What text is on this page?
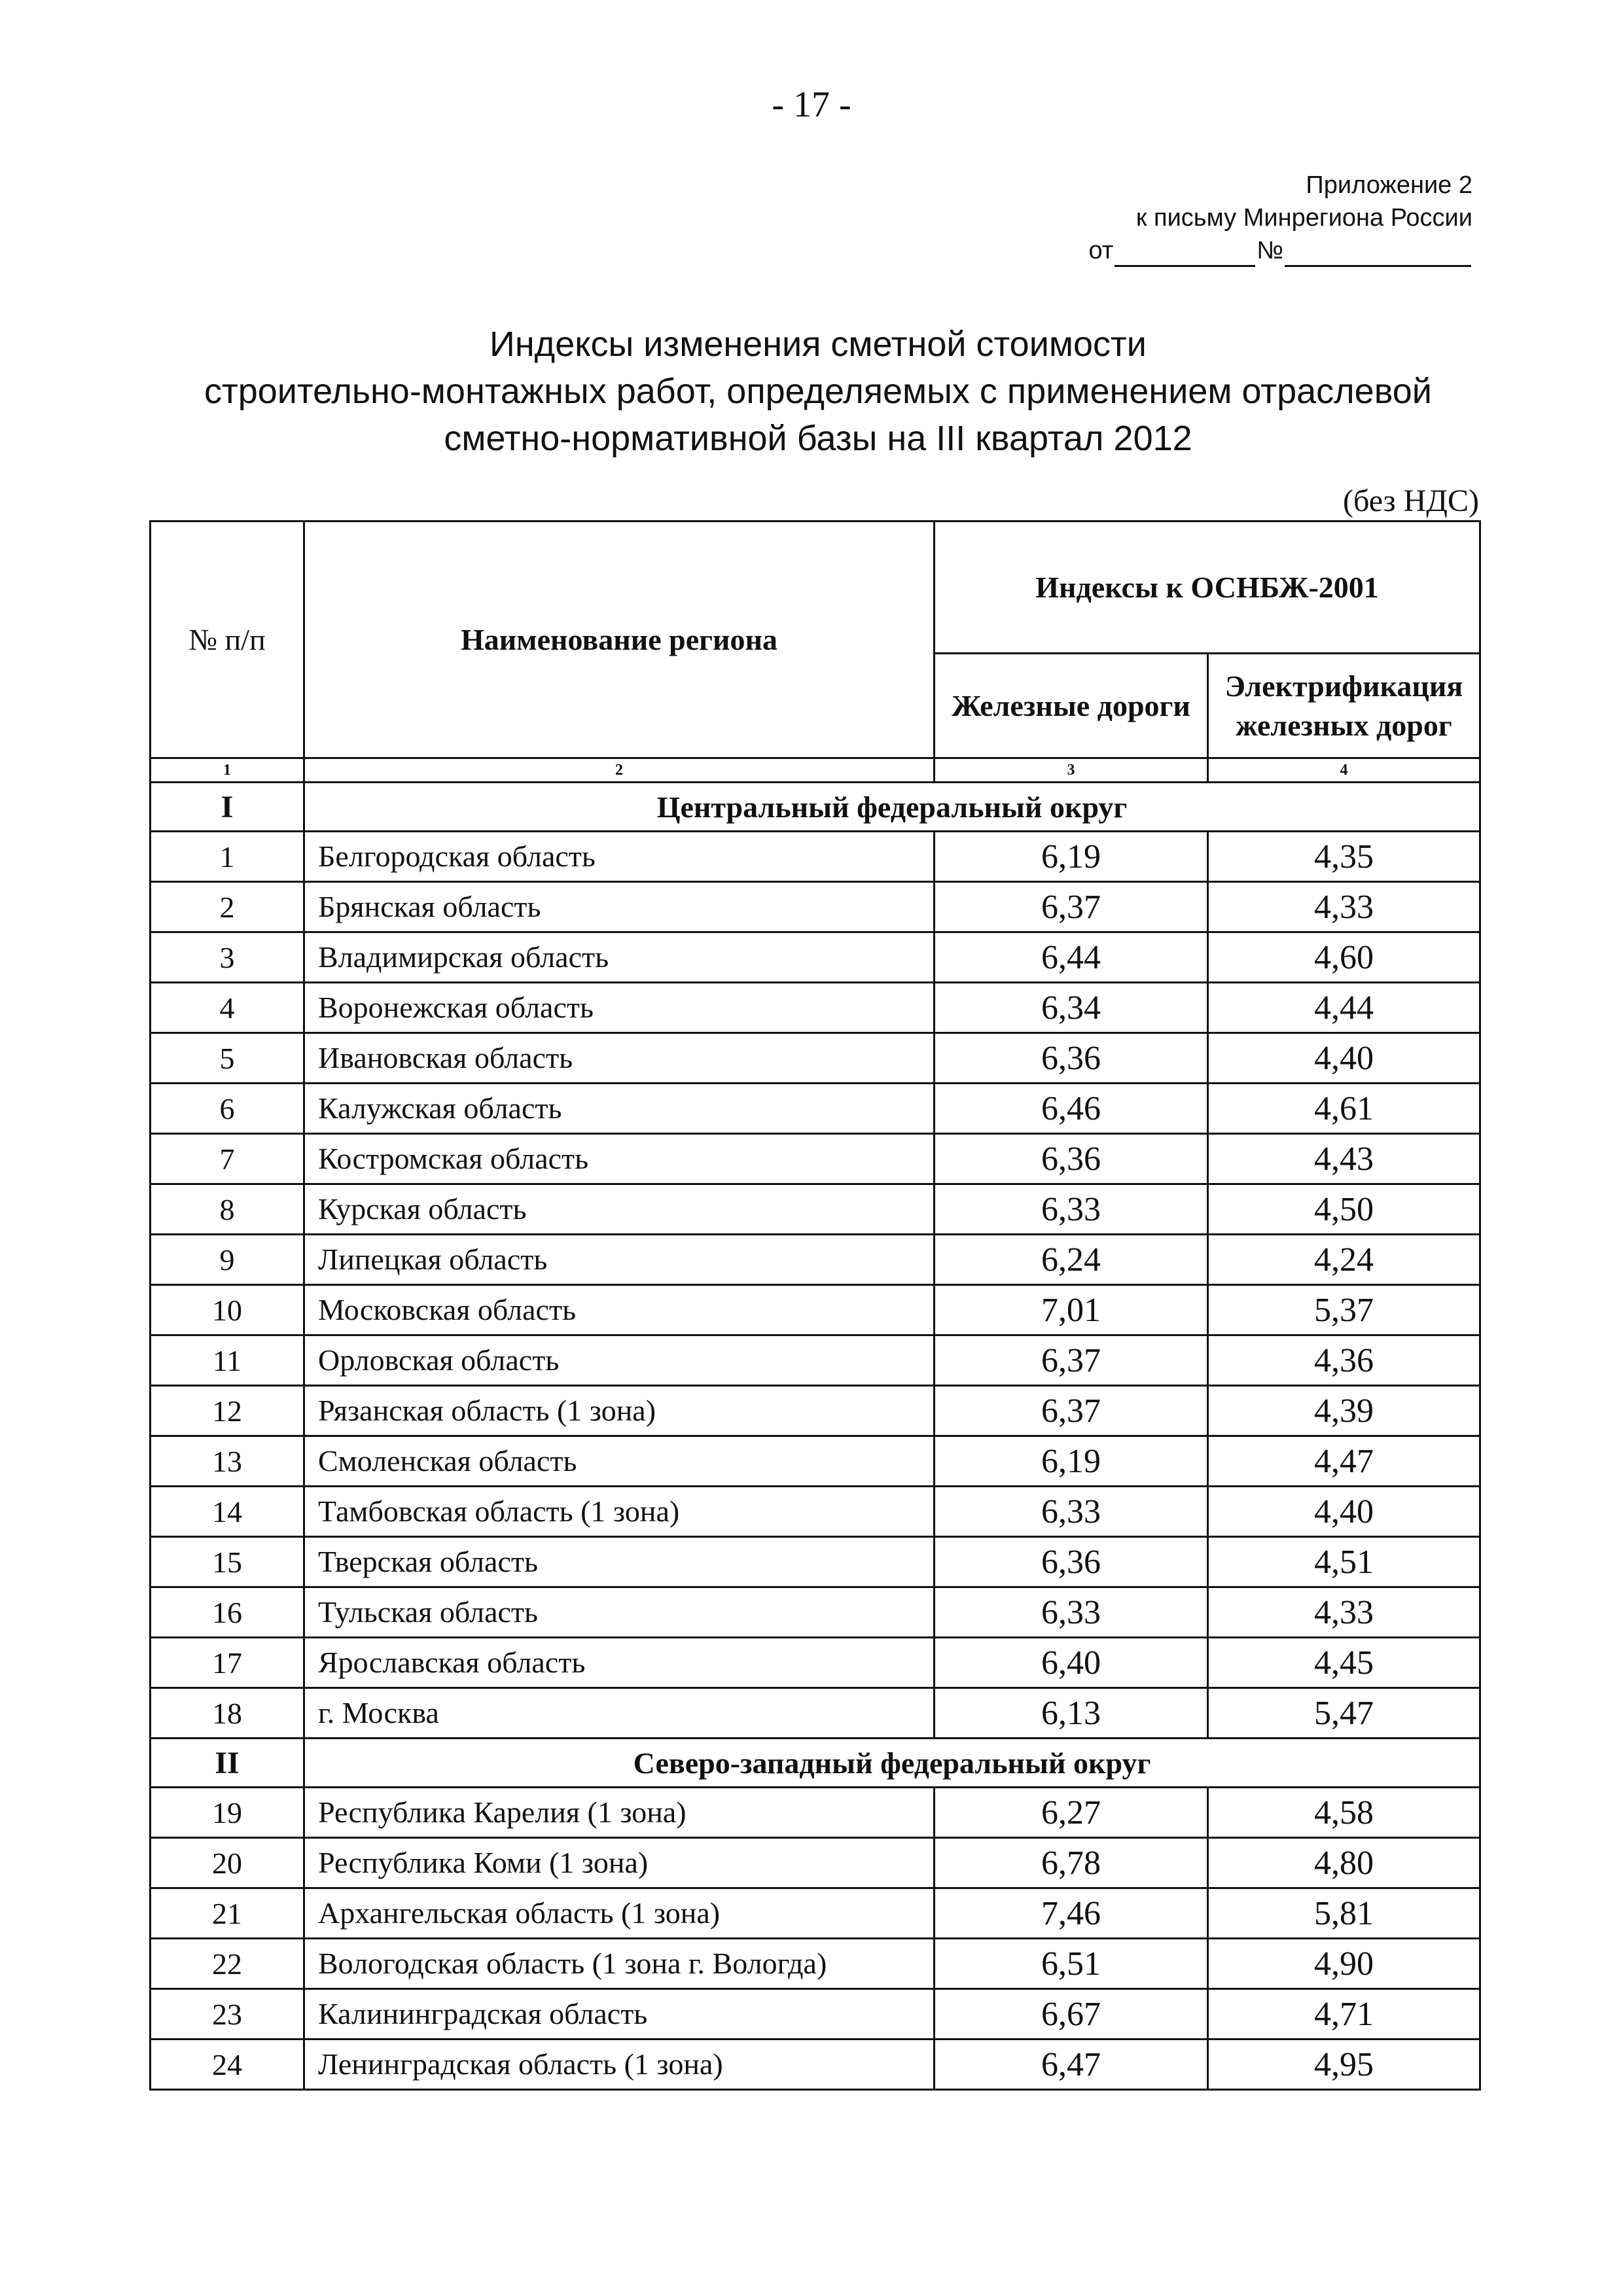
- 17 -
Приложение 2
к письму Минрегиона России
от	№
Индексы изменения сметной стоимости
строительно-монтажных работ, определяемых с применением отраслевой
сметно-нормативной базы на III квартал 2012
(без НДС)
№ п/п	Наименование региона	Индексы к ОСНБЖ-2001	
		Железные дороги	Электрификация железных дорог
1	2	3	4
I	Центральный федеральный округ		
1	Белгородская область	6,19	4,35
2	Брянская область	6,37	4,33
3	Владимирская область	6,44	4,60
4	Воронежская область	6,34	4,44
5	Ивановская область	6,36	4,40
6	Калужская область	6,46	4,61
7	Костромская область	6,36	4,43
8	Курская область	6,33	4,50
9	Липецкая область	6,24	4,24
10	Московская область	7,01	5,37
11	Орловская область	6,37	4,36
12	Рязанская область (1 зона)	6,37	4,39
13	Смоленская область	6,19	4,47
14	Тамбовская область (1 зона)	6,33	4,40
15	Тверская область	6,36	4,51
16	Тульская область	6,33	4,33
17	Ярославская область	6,40	4,45
18	г. Москва	6,13	5,47
II	Северо-западный федеральный округ		
19	Республика Карелия (1 зона)	6,27	4,58
20	Республика Коми (1 зона)	6,78	4,80
21	Архангельская область (1 зона)	7,46	5,81
22	Вологодская область (1 зона г. Вологда)	6,51	4,90
23	Калининградская область	6,67	4,71
24	Ленинградская область (1 зона)	6,47	4,95
